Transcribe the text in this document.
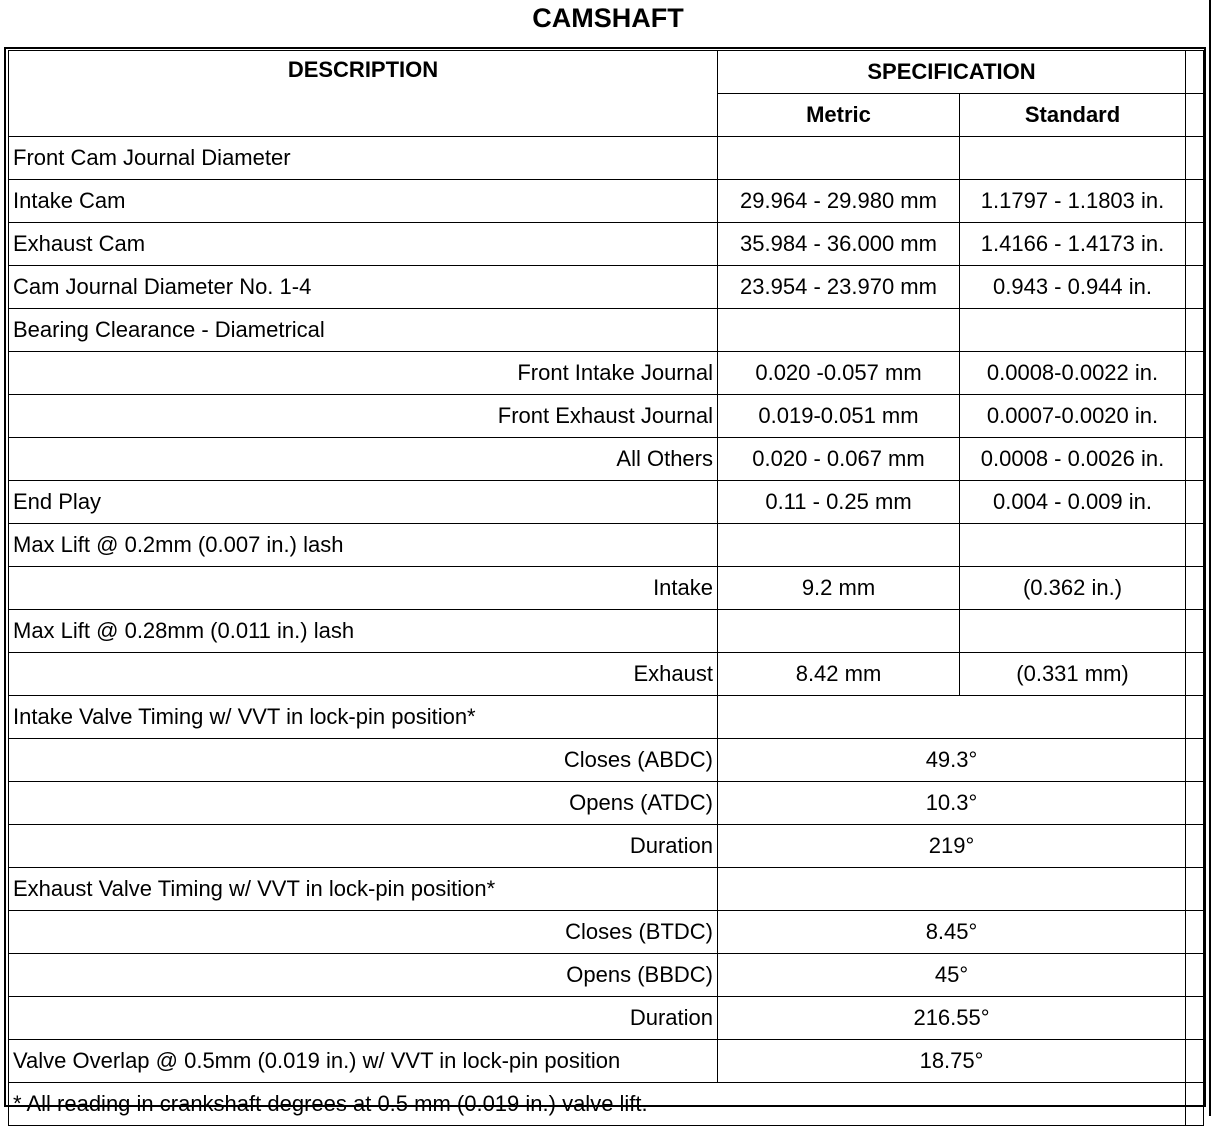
CAMSHAFT
DESCRIPTION	SPECIFICATION		
	Metric	Standard	
Front Cam Journal Diameter			
Intake Cam	29.964 - 29.980 mm	1.1797 - 1.1803 in.	
Exhaust Cam	35.984 - 36.000 mm	1.4166 - 1.4173 in.	
Cam Journal Diameter No. 1-4	23.954 - 23.970 mm	0.943 - 0.944 in.	
Bearing Clearance - Diametrical			
Front Intake Journal	0.020 -0.057 mm	0.0008-0.0022 in.	
Front Exhaust Journal	0.019-0.051 mm	0.0007-0.0020 in.	
All Others	0.020 - 0.067 mm	0.0008 - 0.0026 in.	
End Play	0.11 - 0.25 mm	0.004 - 0.009 in.	
Max Lift @ 0.2mm (0.007 in.) lash			
Intake	9.2 mm	(0.362 in.)	
Max Lift @ 0.28mm (0.011 in.) lash			
Exhaust	8.42 mm	(0.331 mm)	
Intake Valve Timing w/ VVT in lock-pin position*			
Closes (ABDC)	49.3°		
Opens (ATDC)	10.3°		
Duration	219°		
Exhaust Valve Timing w/ VVT in lock-pin position*			
Closes (BTDC)	8.45°		
Opens (BBDC)	45°		
Duration	216.55°		
Valve Overlap @ 0.5mm (0.019 in.) w/ VVT in lock-pin position	18.75°		
* All reading in crankshaft degrees at 0.5 mm (0.019 in.) valve lift.			
